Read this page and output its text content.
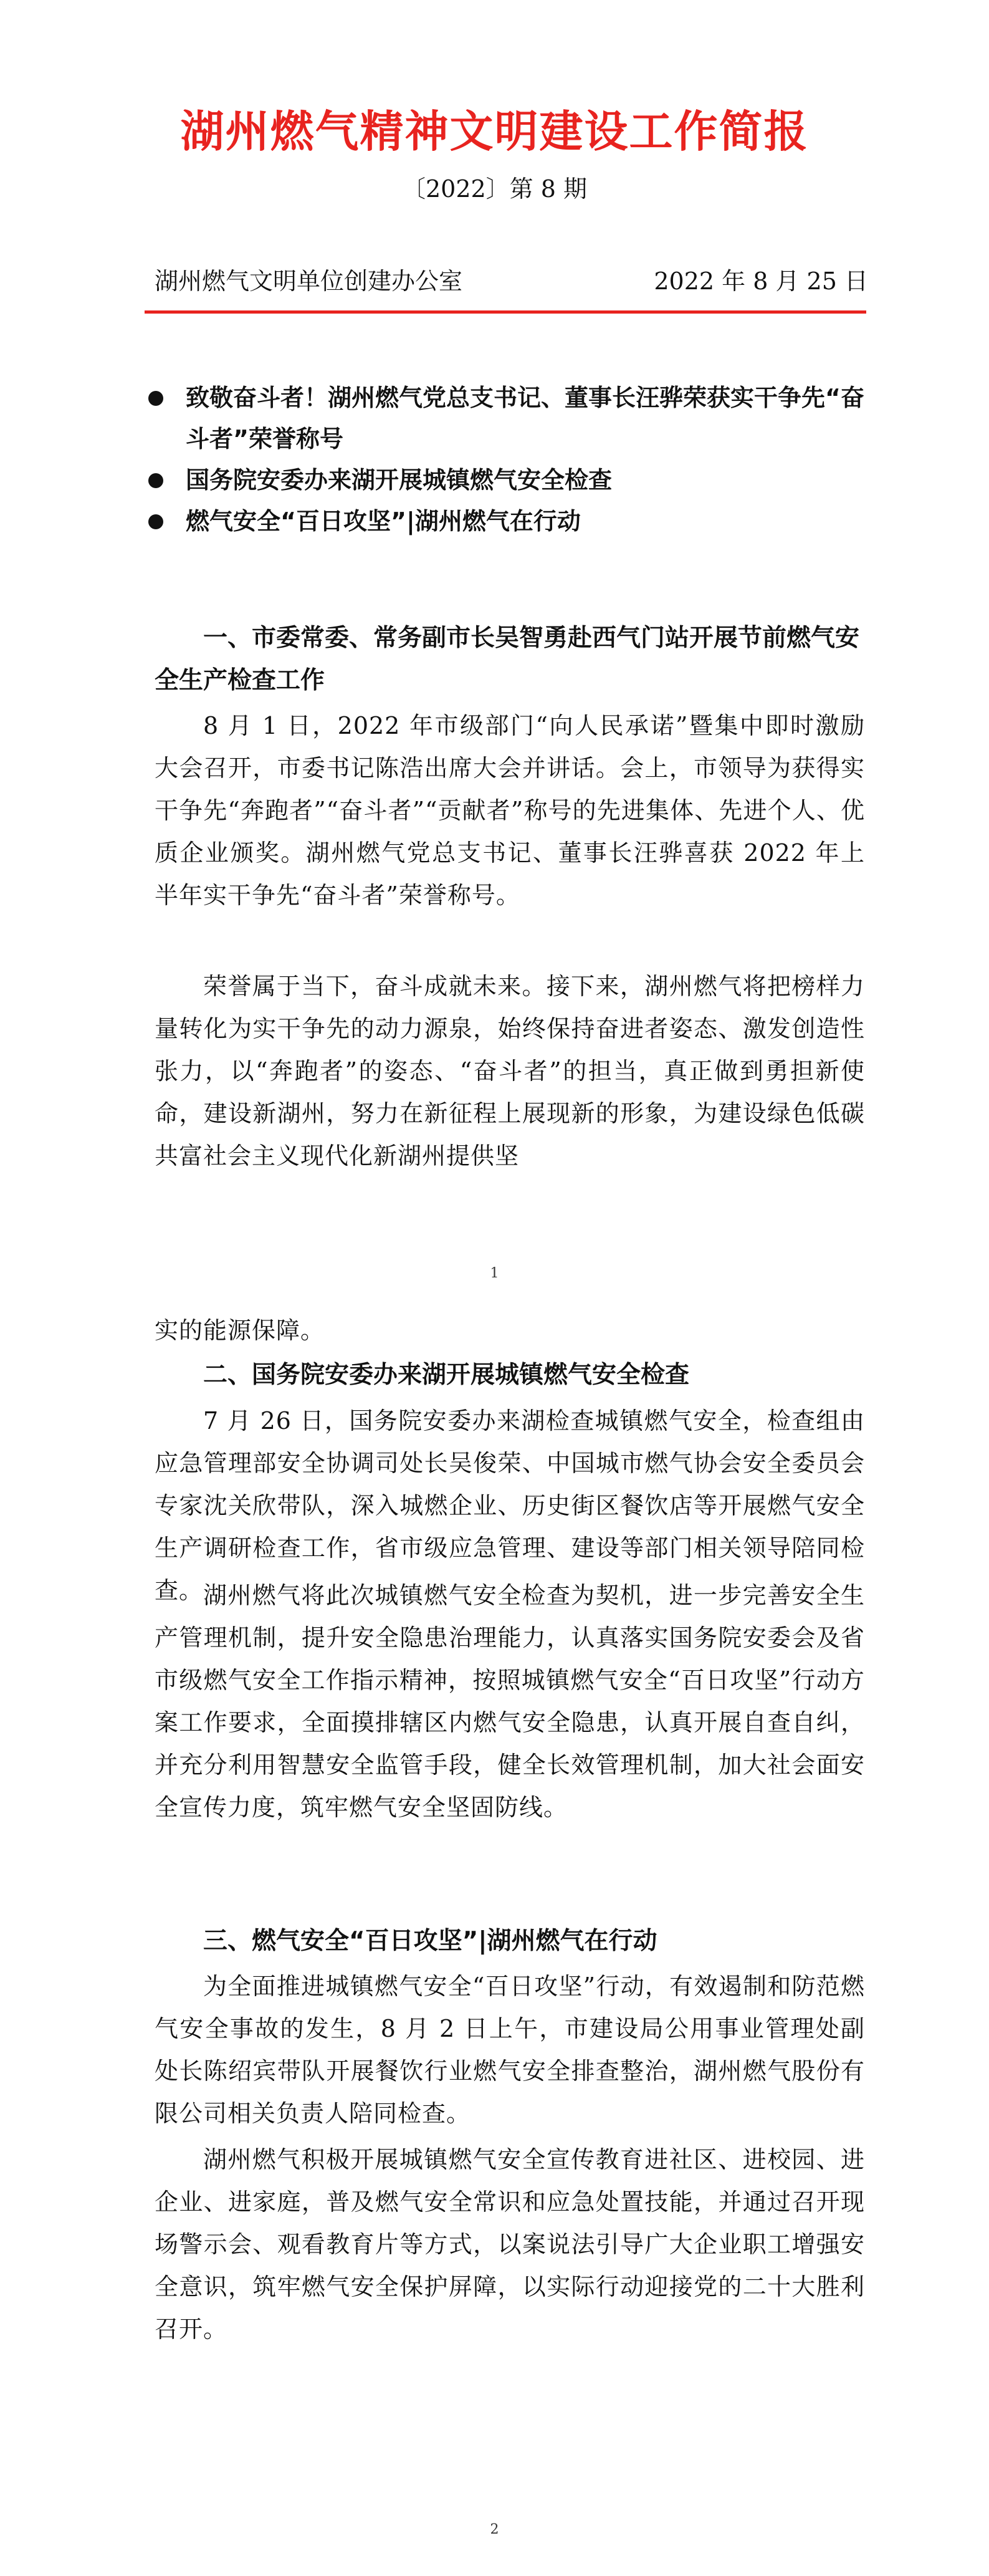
湖州燃气精神文明建设工作简报
〔2022〕第 8 期
湖州燃气文明单位创建办公室	2022 年 8 月 25 日
致敬奋斗者！湖州燃气党总支书记、董事长汪骅荣获实干争先“奋斗者”荣誉称号
国务院安委办来湖开展城镇燃气安全检查
燃气安全“百日攻坚”|湖州燃气在行动
一、市委常委、常务副市长吴智勇赴西气门站开展节前燃气安全生产检查工作
8 月 1 日，2022 年市级部门“向人民承诺”暨集中即时激励大会召开，市委书记陈浩出席大会并讲话。会上，市领导为获得实干争先“奔跑者”“奋斗者”“贡献者”称号的先进集体、先进个人、优质企业颁奖。湖州燃气党总支书记、董事长汪骅喜获 2022 年上半年实干争先“奋斗者”荣誉称号。
荣誉属于当下，奋斗成就未来。接下来，湖州燃气将把榜样力量转化为实干争先的动力源泉，始终保持奋进者姿态、激发创造性张力，以“奔跑者”的姿态、“奋斗者”的担当，真正做到勇担新使命，建设新湖州，努力在新征程上展现新的形象，为建设绿色低碳共富社会主义现代化新湖州提供坚
1
实的能源保障。
二、国务院安委办来湖开展城镇燃气安全检查
7 月 26 日，国务院安委办来湖检查城镇燃气安全，检查组由应急管理部安全协调司处长吴俊荣、中国城市燃气协会安全委员会专家沈关欣带队，深入城燃企业、历史街区餐饮店等开展燃气安全生产调研检查工作，省市级应急管理、建设等部门相关领导陪同检查。 湖州燃气将此次城镇燃气安全检查为契机，进一步完善安全生产管理机制，提升安全隐患治理能力，认真落实国务院安委会及省市级燃气安全工作指示精神，按照城镇燃气安全“百日攻坚”行动方案工作要求，全面摸排辖区内燃气安全隐患，认真开展自查自纠，并充分利用智慧安全监管手段，健全长效管理机制，加大社会面安全宣传力度，筑牢燃气安全坚固防线。
三、燃气安全“百日攻坚”|湖州燃气在行动
为全面推进城镇燃气安全“百日攻坚”行动，有效遏制和防范燃气安全事故的发生，8 月 2 日上午，市建设局公用事业管理处副处长陈绍宾带队开展餐饮行业燃气安全排查整治，湖州燃气股份有限公司相关负责人陪同检查。
湖州燃气积极开展城镇燃气安全宣传教育进社区、进校园、进企业、进家庭，普及燃气安全常识和应急处置技能，并通过召开现场警示会、观看教育片等方式，以案说法引导广大企业职工增强安全意识，筑牢燃气安全保护屏障，以实际行动迎接党的二十大胜利召开。
2
